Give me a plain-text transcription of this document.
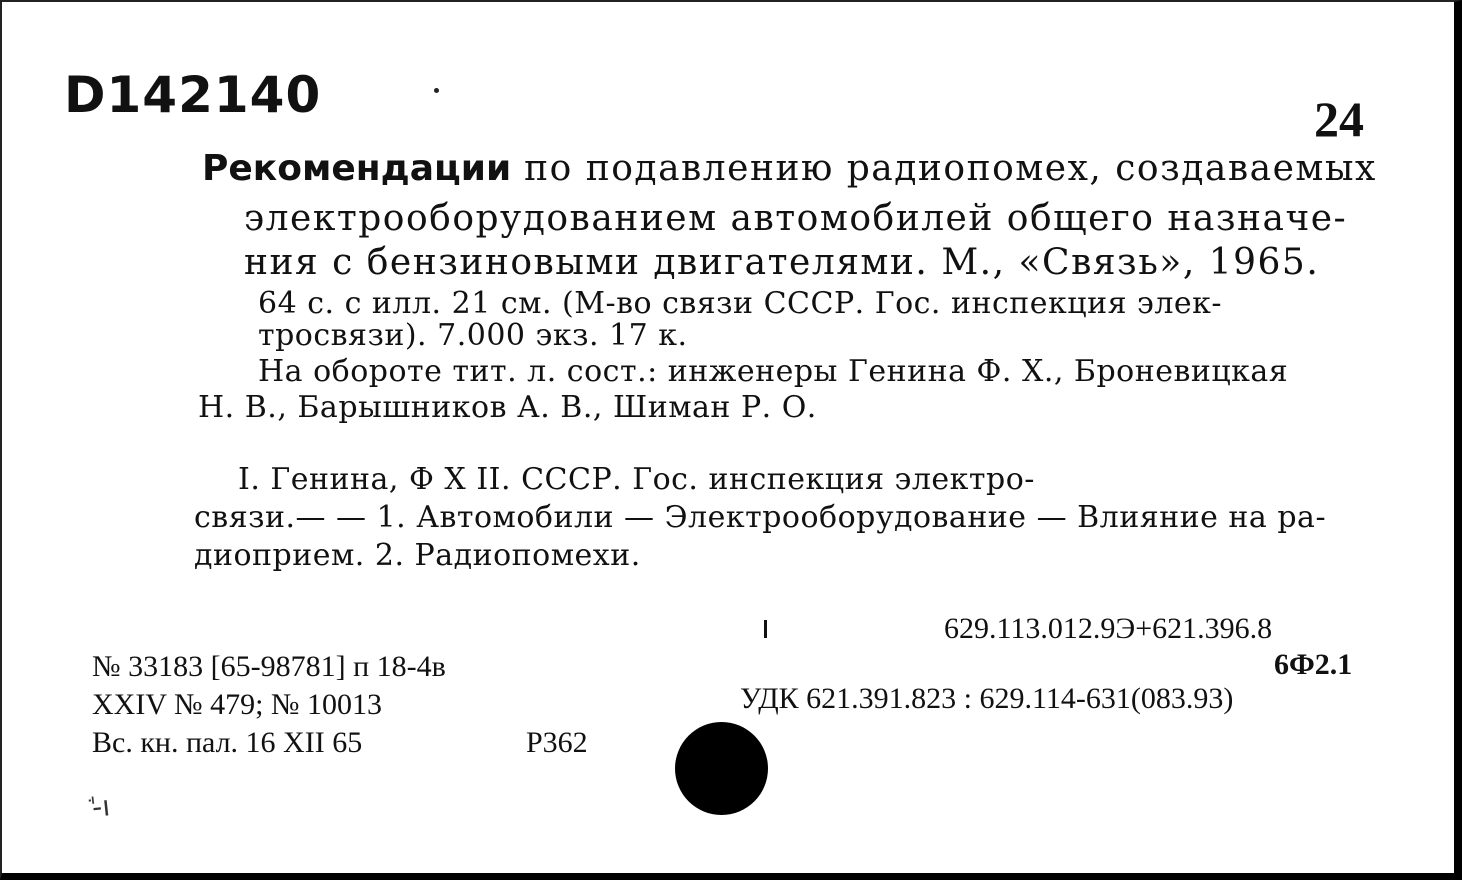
D142140	24
Рекомендации по подавлению радиопомех, создаваемых
электрооборудованием автомобилей общего назначе-
ния с бензиновыми двигателями. М., «Связь», 1965.
64 с. с илл. 21 см. (М-во связи СССР. Гос. инспекция элек-
тросвязи). 7.000 экз. 17 к.
На обороте тит. л. сост.: инженеры Генина Ф. Х., Броневицкая
Н. В., Барышников А. В., Шиман Р. О.
I. Генина, Ф X II. СССР. Гос. инспекция электро-
связи.— — 1. Автомобили — Электрооборудование — Влияние на ра-
диоприем. 2. Радиопомехи.
629.113.012.9Э+621.396.8
6Ф2.1
УДК 621.391.823 : 629.114-631(083.93)
№ 33183 [65-98781] п 18-4в
XXIV № 479; № 10013
Вс. кн. пал. 16 XII 65	Р362
ꜗ-ı
